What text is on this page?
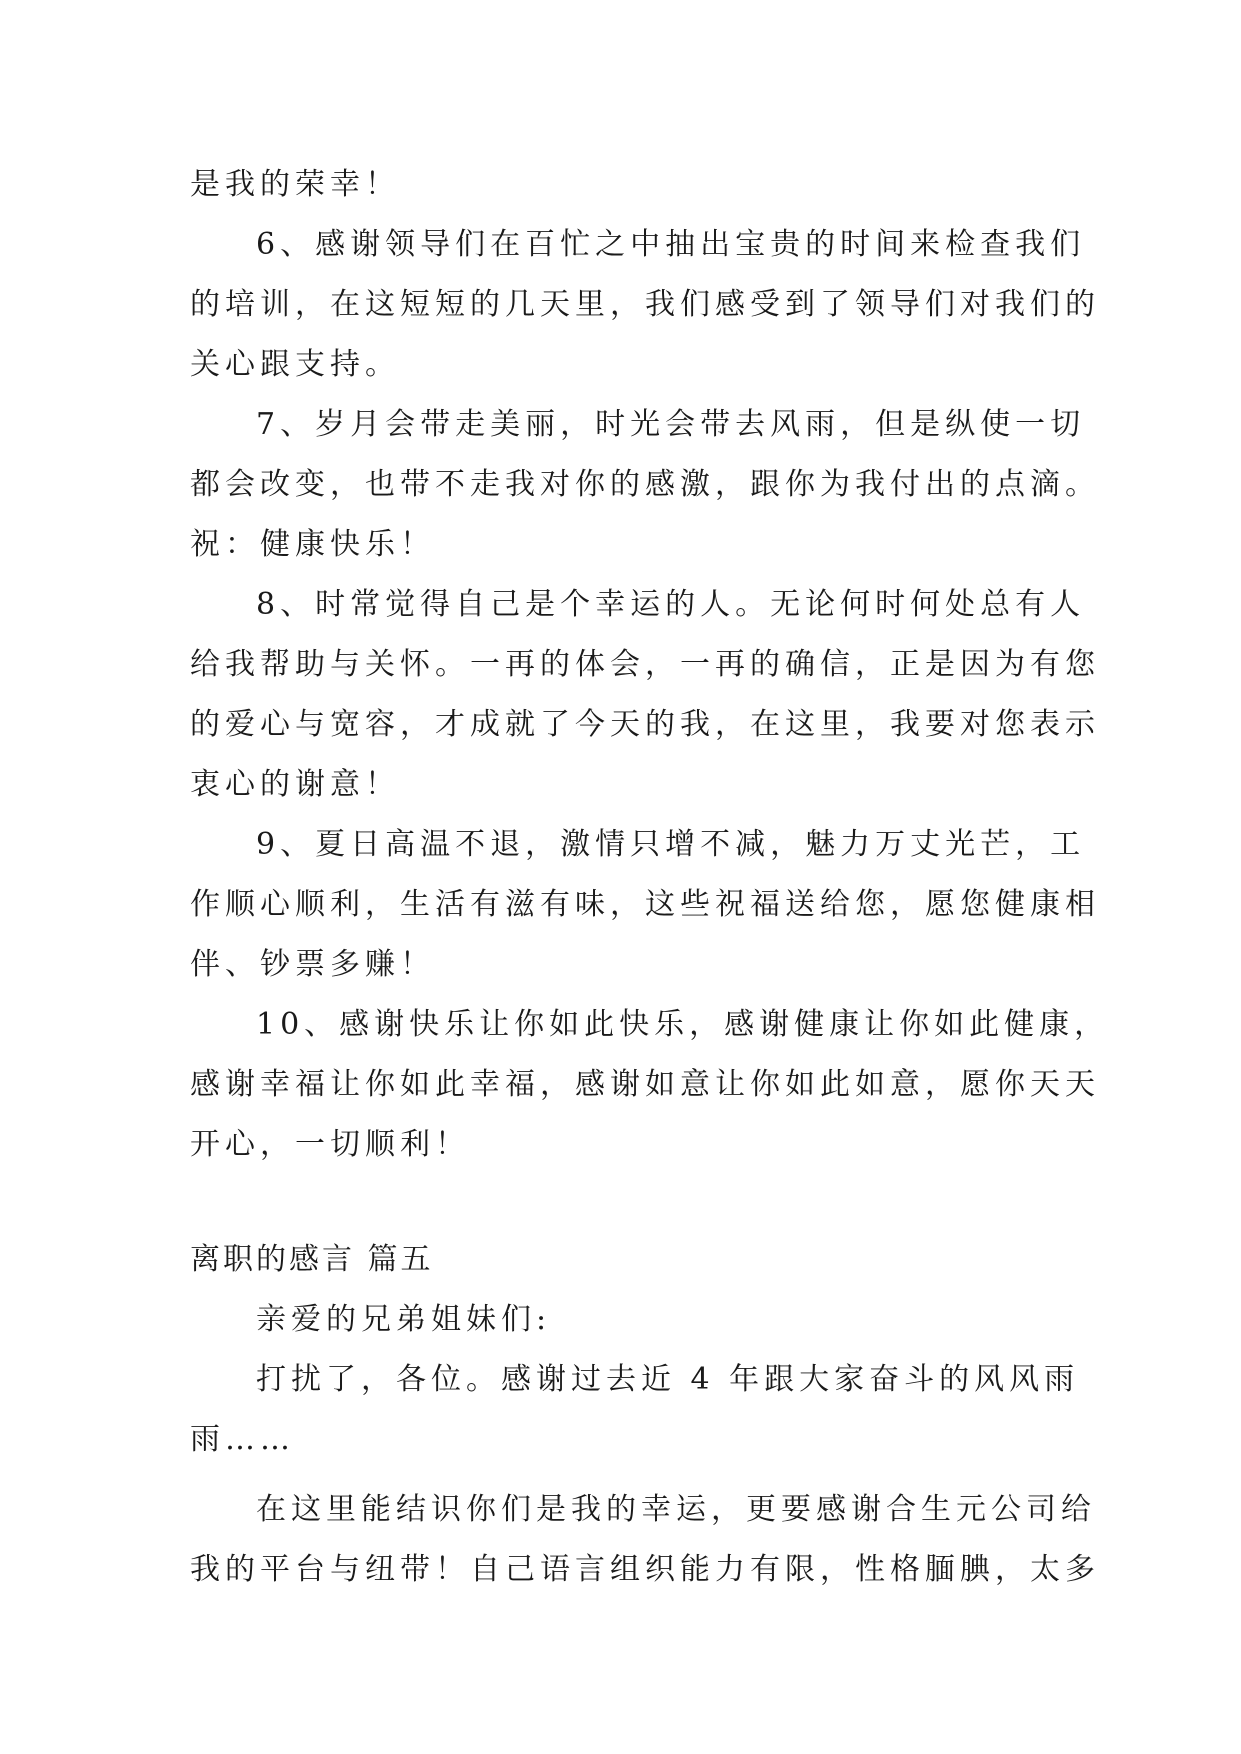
是我的荣幸！
6、感谢领导们在百忙之中抽出宝贵的时间来检查我们
的培训，在这短短的几天里，我们感受到了领导们对我们的
关心跟支持。
7、岁月会带走美丽，时光会带去风雨，但是纵使一切
都会改变，也带不走我对你的感激，跟你为我付出的点滴。
祝：健康快乐！
8、时常觉得自己是个幸运的人。无论何时何处总有人
给我帮助与关怀。一再的体会，一再的确信，正是因为有您
的爱心与宽容，才成就了今天的我，在这里，我要对您表示
衷心的谢意！
9、夏日高温不退，激情只增不减，魅力万丈光芒，工
作顺心顺利，生活有滋有味，这些祝福送给您，愿您健康相
伴、钞票多赚！
10、感谢快乐让你如此快乐，感谢健康让你如此健康，
感谢幸福让你如此幸福，感谢如意让你如此如意，愿你天天
开心，一切顺利！
离职的感言 篇五
亲爱的兄弟姐妹们:
打扰了，各位。感谢过去近 4 年跟大家奋斗的风风雨
雨……
在这里能结识你们是我的幸运，更要感谢合生元公司给
我的平台与纽带！自己语言组织能力有限，性格腼腆，太多
